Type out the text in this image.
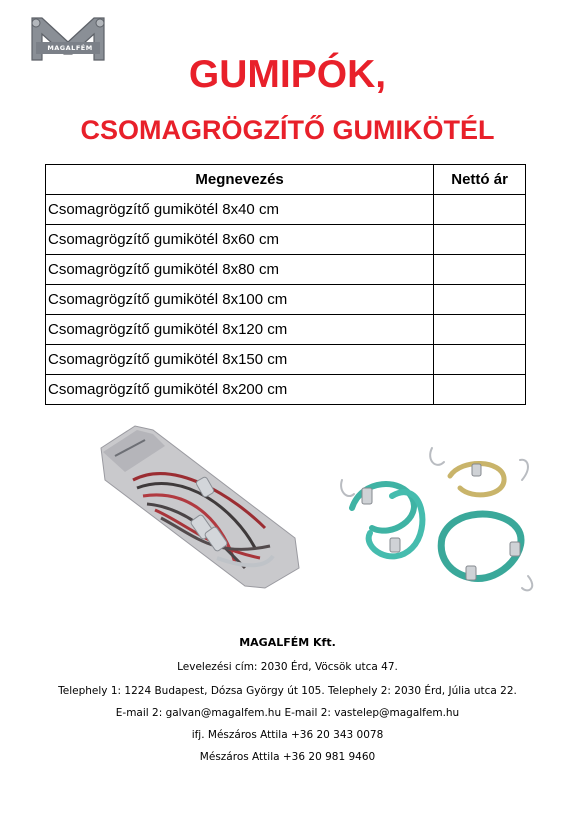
MAGALFÉM
GUMIPÓK,
CSOMAGRÖGZÍTŐ GUMIKÖTÉL
Megnevezés	Nettó ár
Csomagrögzítő gumikötél 8x40 cm	
Csomagrögzítő gumikötél 8x60 cm	
Csomagrögzítő gumikötél 8x80 cm	
Csomagrögzítő gumikötél 8x100 cm	
Csomagrögzítő gumikötél 8x120 cm	
Csomagrögzítő gumikötél 8x150 cm	
Csomagrögzítő gumikötél 8x200 cm	
MAGALFÉM Kft.
Levelezési cím: 2030 Érd, Vöcsök utca 47.
Telephely 1: 1224 Budapest, Dózsa György út 105. Telephely 2: 2030 Érd, Júlia utca 22.
E-mail 2: galvan@magalfem.hu E-mail 2: vastelep@magalfem.hu
ifj. Mészáros Attila +36 20 343 0078
Mészáros Attila +36 20 981 9460
